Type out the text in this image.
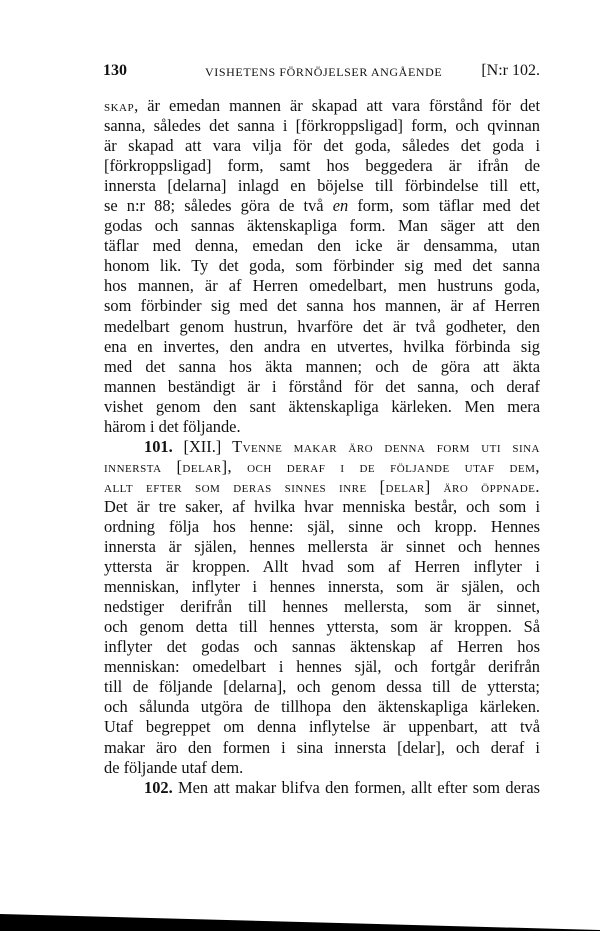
130	VISHETENS FÖRNÖJELSER ANGÅENDE [N:r 102.
skap, är emedan mannen är skapad att vara förstånd för det
sanna, således det sanna i [förkroppsligad] form, och qvinnan
är skapad att vara vilja för det goda, således det goda i
[förkroppsligad] form, samt hos beggedera är ifrån de
innersta [delarna] inlagd en böjelse till förbindelse till ett,
se n:r 88; således göra de två en form, som täflar med det
godas och sannas äktenskapliga form. Man säger att den
täflar med denna, emedan den icke är densamma, utan
honom lik. Ty det goda, som förbinder sig med det sanna
hos mannen, är af Herren omedelbart, men hustruns goda,
som förbinder sig med det sanna hos mannen, är af Herren
medelbart genom hustrun, hvarföre det är två godheter, den
ena en invertes, den andra en utvertes, hvilka förbinda sig
med det sanna hos äkta mannen; och de göra att äkta
mannen beständigt är i förstånd för det sanna, och deraf
vishet genom den sant äktenskapliga kärleken. Men mera
härom i det följande.
101. [XII.] Tvenne makar äro denna form uti sina
innersta [delar], och deraf i de följande utaf dem,
allt efter som deras sinnes inre [delar] äro öppnade.
Det är tre saker, af hvilka hvar menniska består, och som i
ordning följa hos henne: själ, sinne och kropp. Hennes
innersta är själen, hennes mellersta är sinnet och hennes
yttersta är kroppen. Allt hvad som af Herren inflyter i
menniskan, inflyter i hennes innersta, som är själen, och
nedstiger derifrån till hennes mellersta, som är sinnet,
och genom detta till hennes yttersta, som är kroppen. Så
inflyter det godas och sannas äktenskap af Herren hos
menniskan: omedelbart i hennes själ, och fortgår derifrån
till de följande [delarna], och genom dessa till de yttersta;
och sålunda utgöra de tillhopa den äktenskapliga kärleken.
Utaf begreppet om denna inflytelse är uppenbart, att två
makar äro den formen i sina innersta [delar], och deraf i
de följande utaf dem.
102. Men att makar blifva den formen, allt efter som deras
